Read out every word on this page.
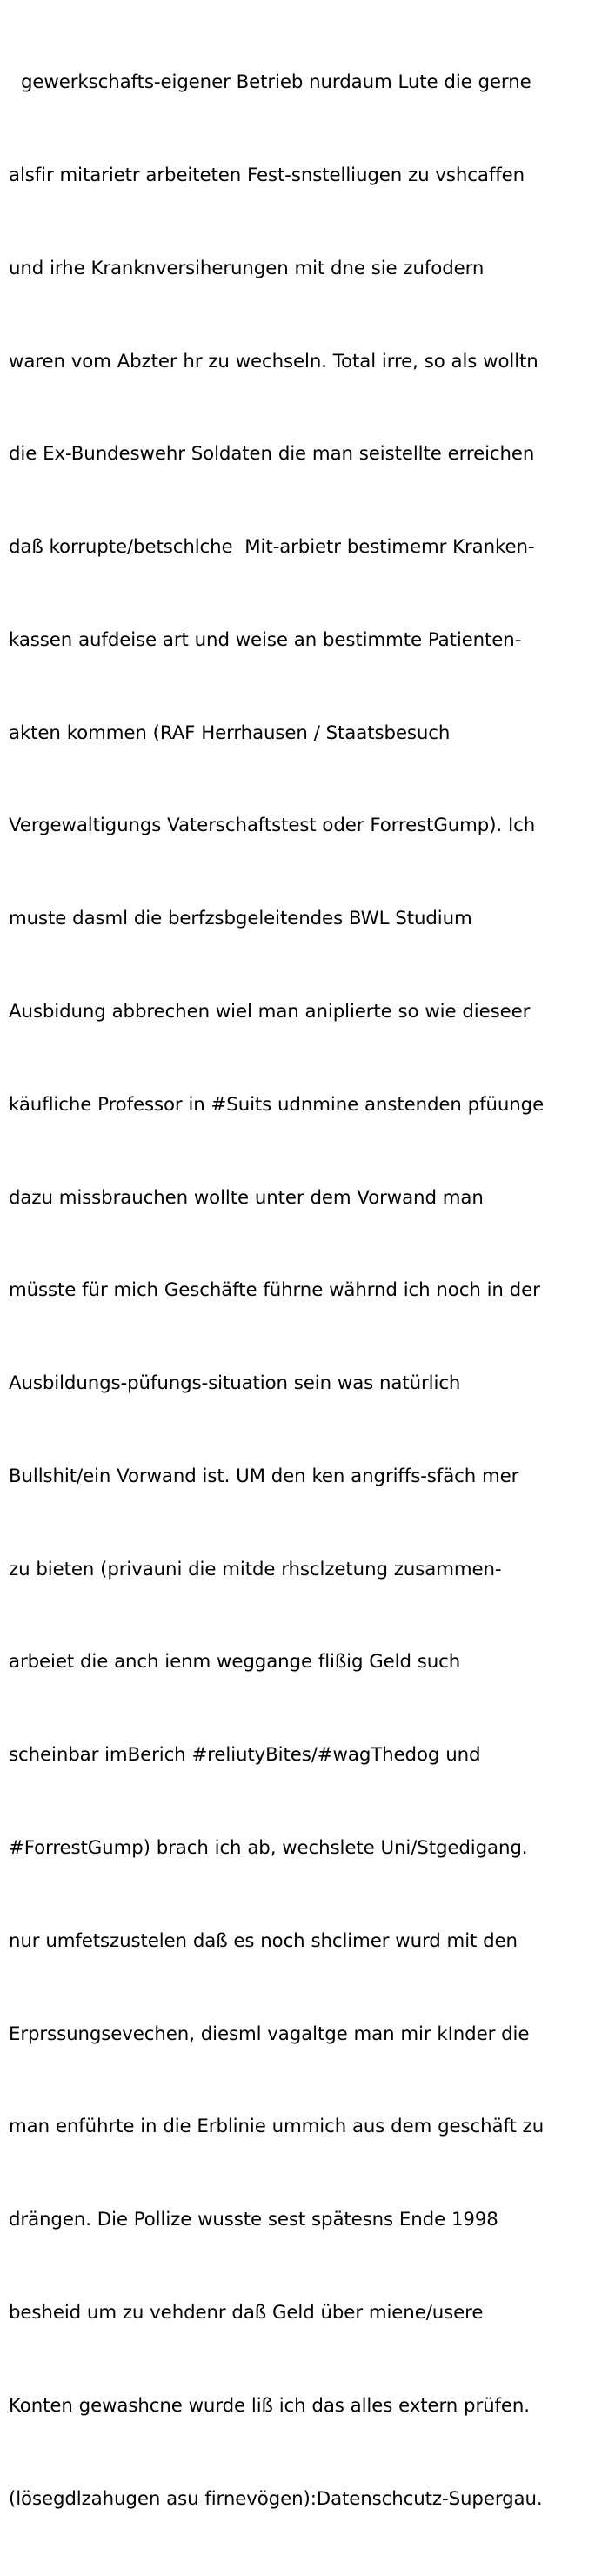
gewerkschafts-eigener Betrieb nurdaum Lute die gerne

alsfir mitarietr arbeiteten Fest-snstelliugen zu vshcaffen

und irhe Kranknversiherungen mit dne sie zufodern

waren vom Abzter hr zu wechseln. Total irre, so als wolltn

die Ex-Bundeswehr Soldaten die man seistellte erreichen

daß korrupte/betschlche  Mit-arbietr bestimemr Kranken-

kassen aufdeise art und weise an bestimmte Patienten-

akten kommen (RAF Herrhausen / Staatsbesuch

Vergewaltigungs Vaterschaftstest oder ForrestGump). Ich

muste dasml die berfzsbgeleitendes BWL Studium

Ausbidung abbrechen wiel man aniplierte so wie dieseer

käufliche Professor in #Suits udnmine anstenden pfüunge

dazu missbrauchen wollte unter dem Vorwand man

müsste für mich Geschäfte führne währnd ich noch in der

Ausbildungs-püfungs-situation sein was natürlich

Bullshit/ein Vorwand ist. UM den ken angriffs-sfäch mer

zu bieten (privauni die mitde rhsclzetung zusammen-

arbeiet die anch ienm weggange flißig Geld such

scheinbar imBerich #reliutyBites/#wagThedog und

#ForrestGump) brach ich ab, wechslete Uni/Stgedigang.

nur umfetszustelen daß es noch shclimer wurd mit den

Erprssungsevechen, diesml vagaltge man mir kInder die

man enführte in die Erblinie ummich aus dem geschäft zu

drängen. Die Pollize wusste sest spätesns Ende 1998

besheid um zu vehdenr daß Geld über miene/usere

Konten gewashcne wurde liß ich das alles extern prüfen.

(lösegdlzahugen asu firnevögen):Datenschcutz-Supergau.
